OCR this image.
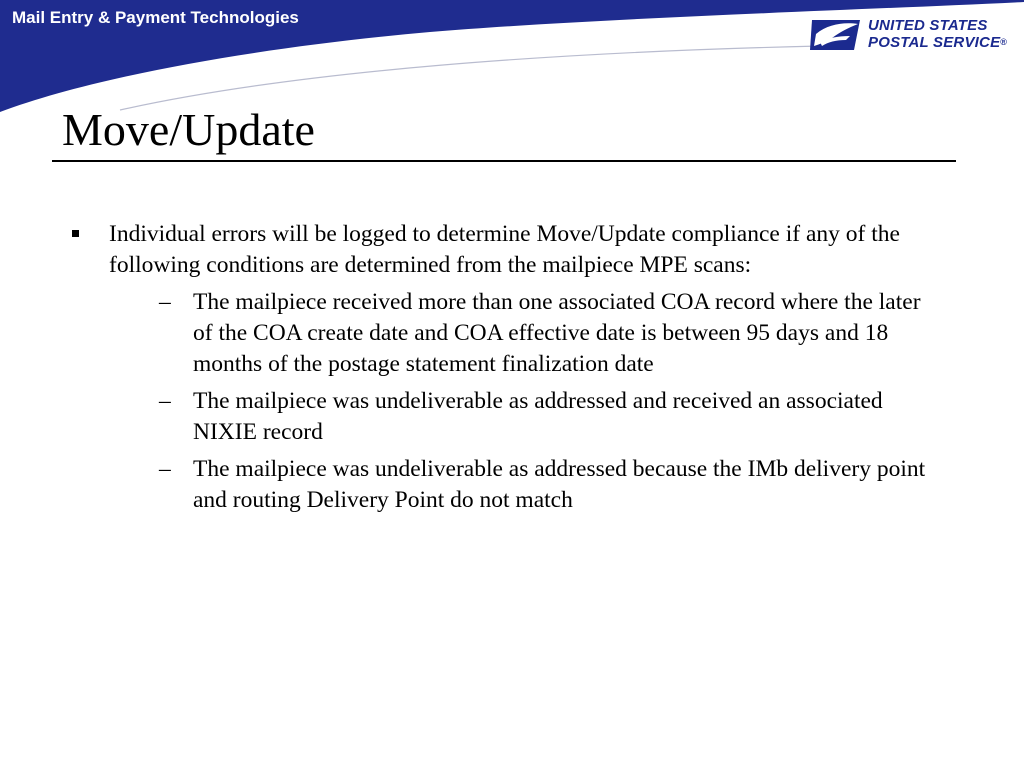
Mail Entry & Payment Technologies	UNITED STATES
POSTAL SERVICE®
Move/Update
Individual errors will be logged to determine Move/Update compliance if any of the following conditions are determined from the mailpiece MPE scans:
– The mailpiece received more than one associated COA record where the later of the COA create date and COA effective date is between 95 days and 18 months of the postage statement finalization date
– The mailpiece was undeliverable as addressed and received an associated NIXIE record
– The mailpiece was undeliverable as addressed because the IMb delivery point and routing Delivery Point do not match
